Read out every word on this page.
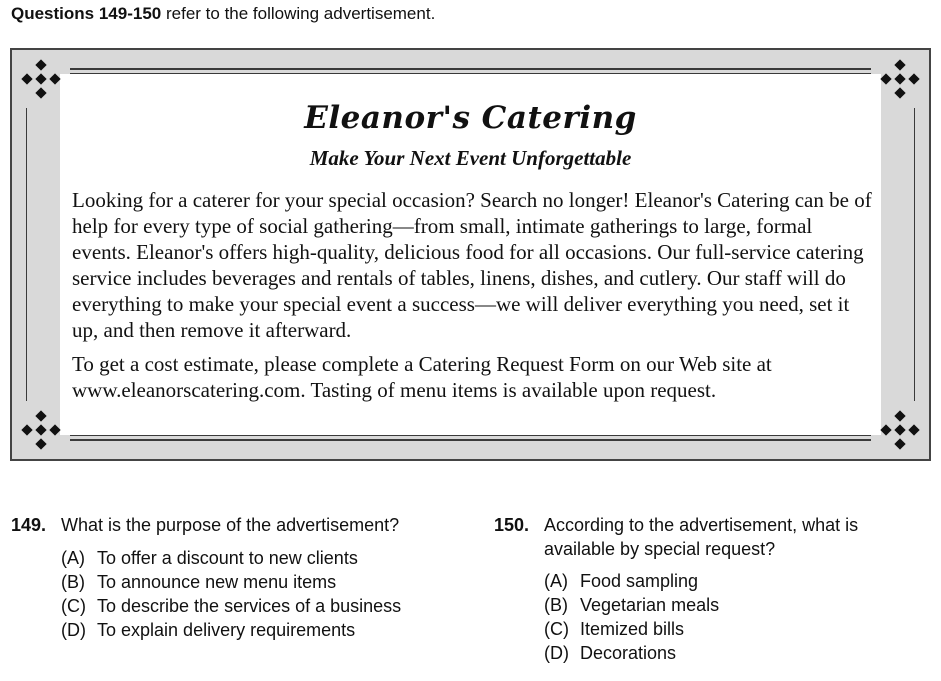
Questions 149-150 refer to the following advertisement.
Eleanor's Catering
Make Your Next Event Unforgettable

Looking for a caterer for your special occasion? Search no longer! Eleanor's Catering can be of help for every type of social gathering—from small, intimate gatherings to large, formal events. Eleanor's offers high-quality, delicious food for all occasions. Our full-service catering service includes beverages and rentals of tables, linens, dishes, and cutlery. Our staff will do everything to make your special event a success—we will deliver everything you need, set it up, and then remove it afterward.

To get a cost estimate, please complete a Catering Request Form on our Web site at www.eleanorscatering.com. Tasting of menu items is available upon request.

149. What is the purpose of the advertisement?
(A) To offer a discount to new clients
(B) To announce new menu items
(C) To describe the services of a business
(D) To explain delivery requirements
150. According to the advertisement, what is available by special request?
(A) Food sampling
(B) Vegetarian meals
(C) Itemized bills
(D) Decorations
